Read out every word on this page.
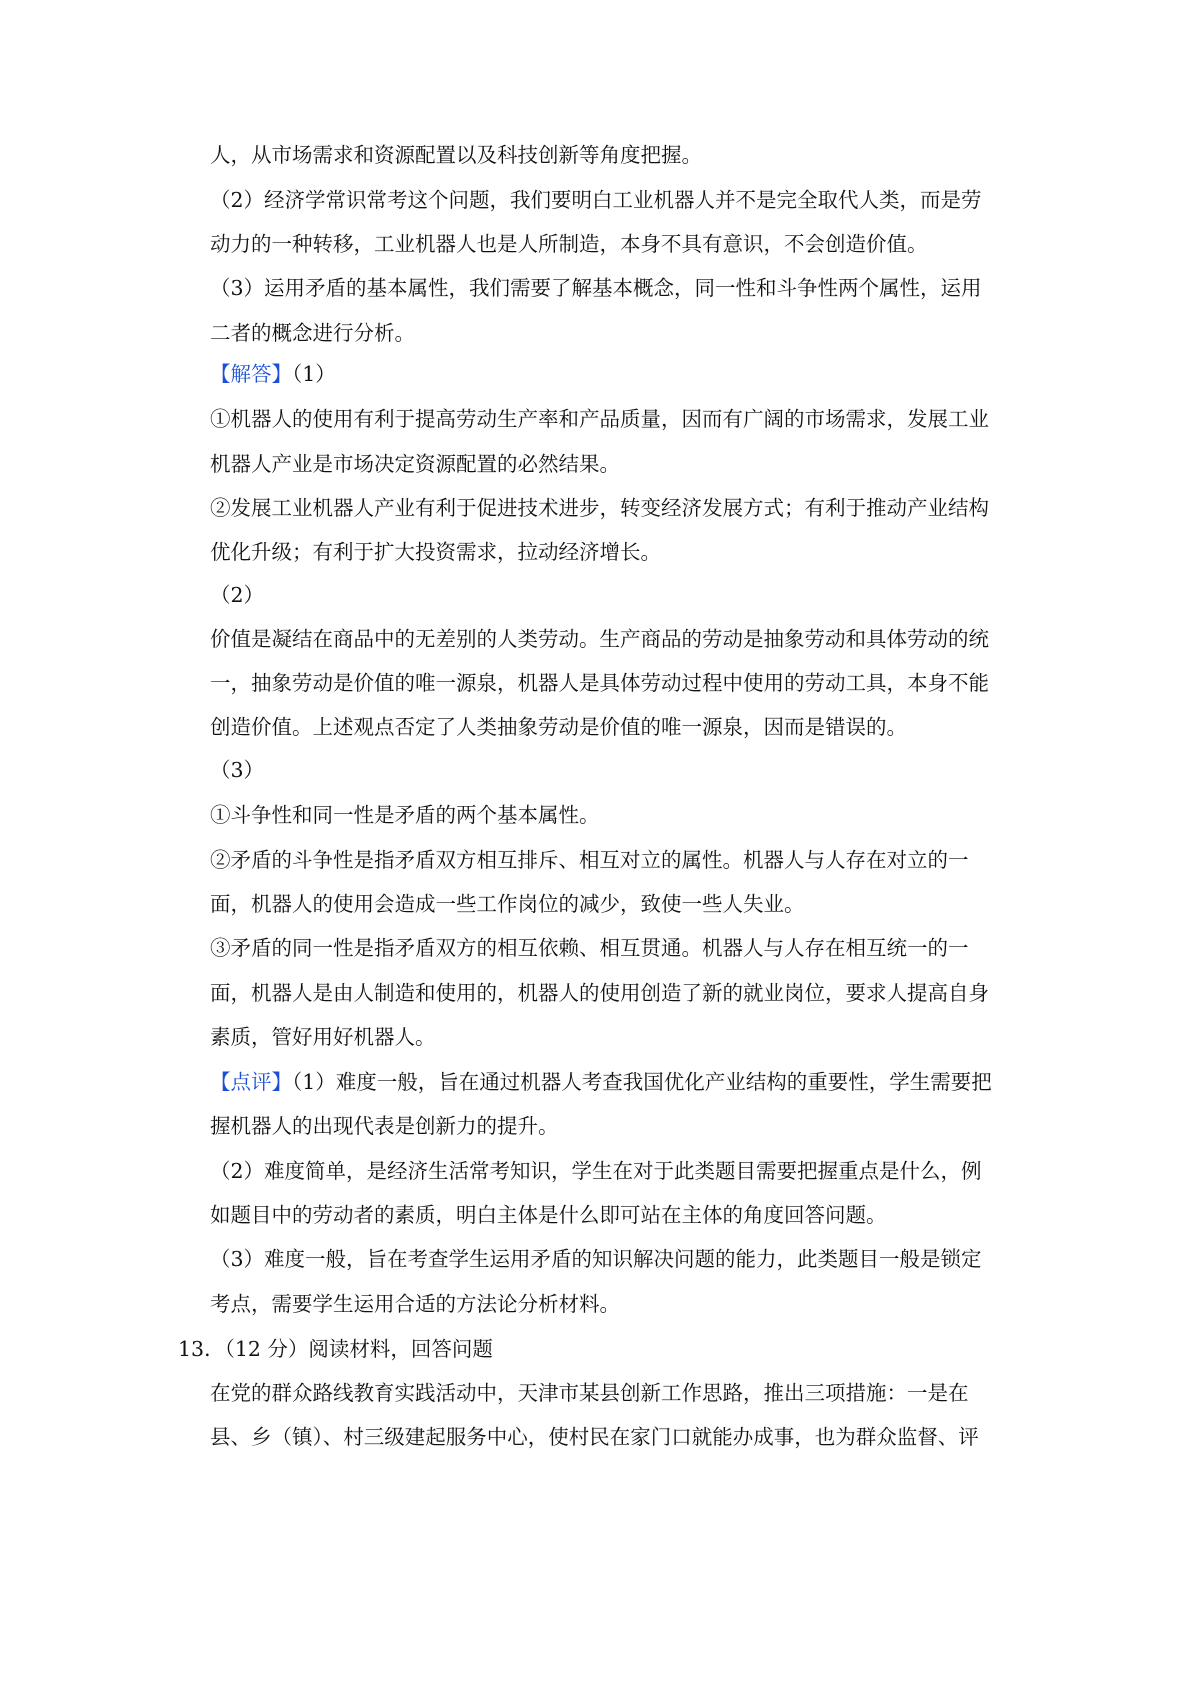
人，从市场需求和资源配置以及科技创新等角度把握。
（2）经济学常识常考这个问题，我们要明白工业机器人并不是完全取代人类，而是劳
动力的一种转移，工业机器人也是人所制造，本身不具有意识，不会创造价值。
（3）运用矛盾的基本属性，我们需要了解基本概念，同一性和斗争性两个属性，运用
二者的概念进行分析。
【解答】（1）
①机器人的使用有利于提高劳动生产率和产品质量，因而有广阔的市场需求，发展工业
机器人产业是市场决定资源配置的必然结果。
②发展工业机器人产业有利于促进技术进步，转变经济发展方式；有利于推动产业结构
优化升级；有利于扩大投资需求，拉动经济增长。
（2）
价值是凝结在商品中的无差别的人类劳动。生产商品的劳动是抽象劳动和具体劳动的统
一，抽象劳动是价值的唯一源泉，机器人是具体劳动过程中使用的劳动工具，本身不能
创造价值。上述观点否定了人类抽象劳动是价值的唯一源泉，因而是错误的。
（3）
①斗争性和同一性是矛盾的两个基本属性。
②矛盾的斗争性是指矛盾双方相互排斥、相互对立的属性。机器人与人存在对立的一
面，机器人的使用会造成一些工作岗位的减少，致使一些人失业。
③矛盾的同一性是指矛盾双方的相互依赖、相互贯通。机器人与人存在相互统一的一
面，机器人是由人制造和使用的，机器人的使用创造了新的就业岗位，要求人提高自身
素质，管好用好机器人。
【点评】（1）难度一般，旨在通过机器人考查我国优化产业结构的重要性，学生需要把
握机器人的出现代表是创新力的提升。
（2）难度简单，是经济生活常考知识，学生在对于此类题目需要把握重点是什么，例
如题目中的劳动者的素质，明白主体是什么即可站在主体的角度回答问题。
（3）难度一般，旨在考查学生运用矛盾的知识解决问题的能力，此类题目一般是锁定
考点，需要学生运用合适的方法论分析材料。
13．（12 分）阅读材料，回答问题
在党的群众路线教育实践活动中，天津市某县创新工作思路，推出三项措施：一是在
县、乡（镇）、村三级建起服务中心，使村民在家门口就能办成事，也为群众监督、评
